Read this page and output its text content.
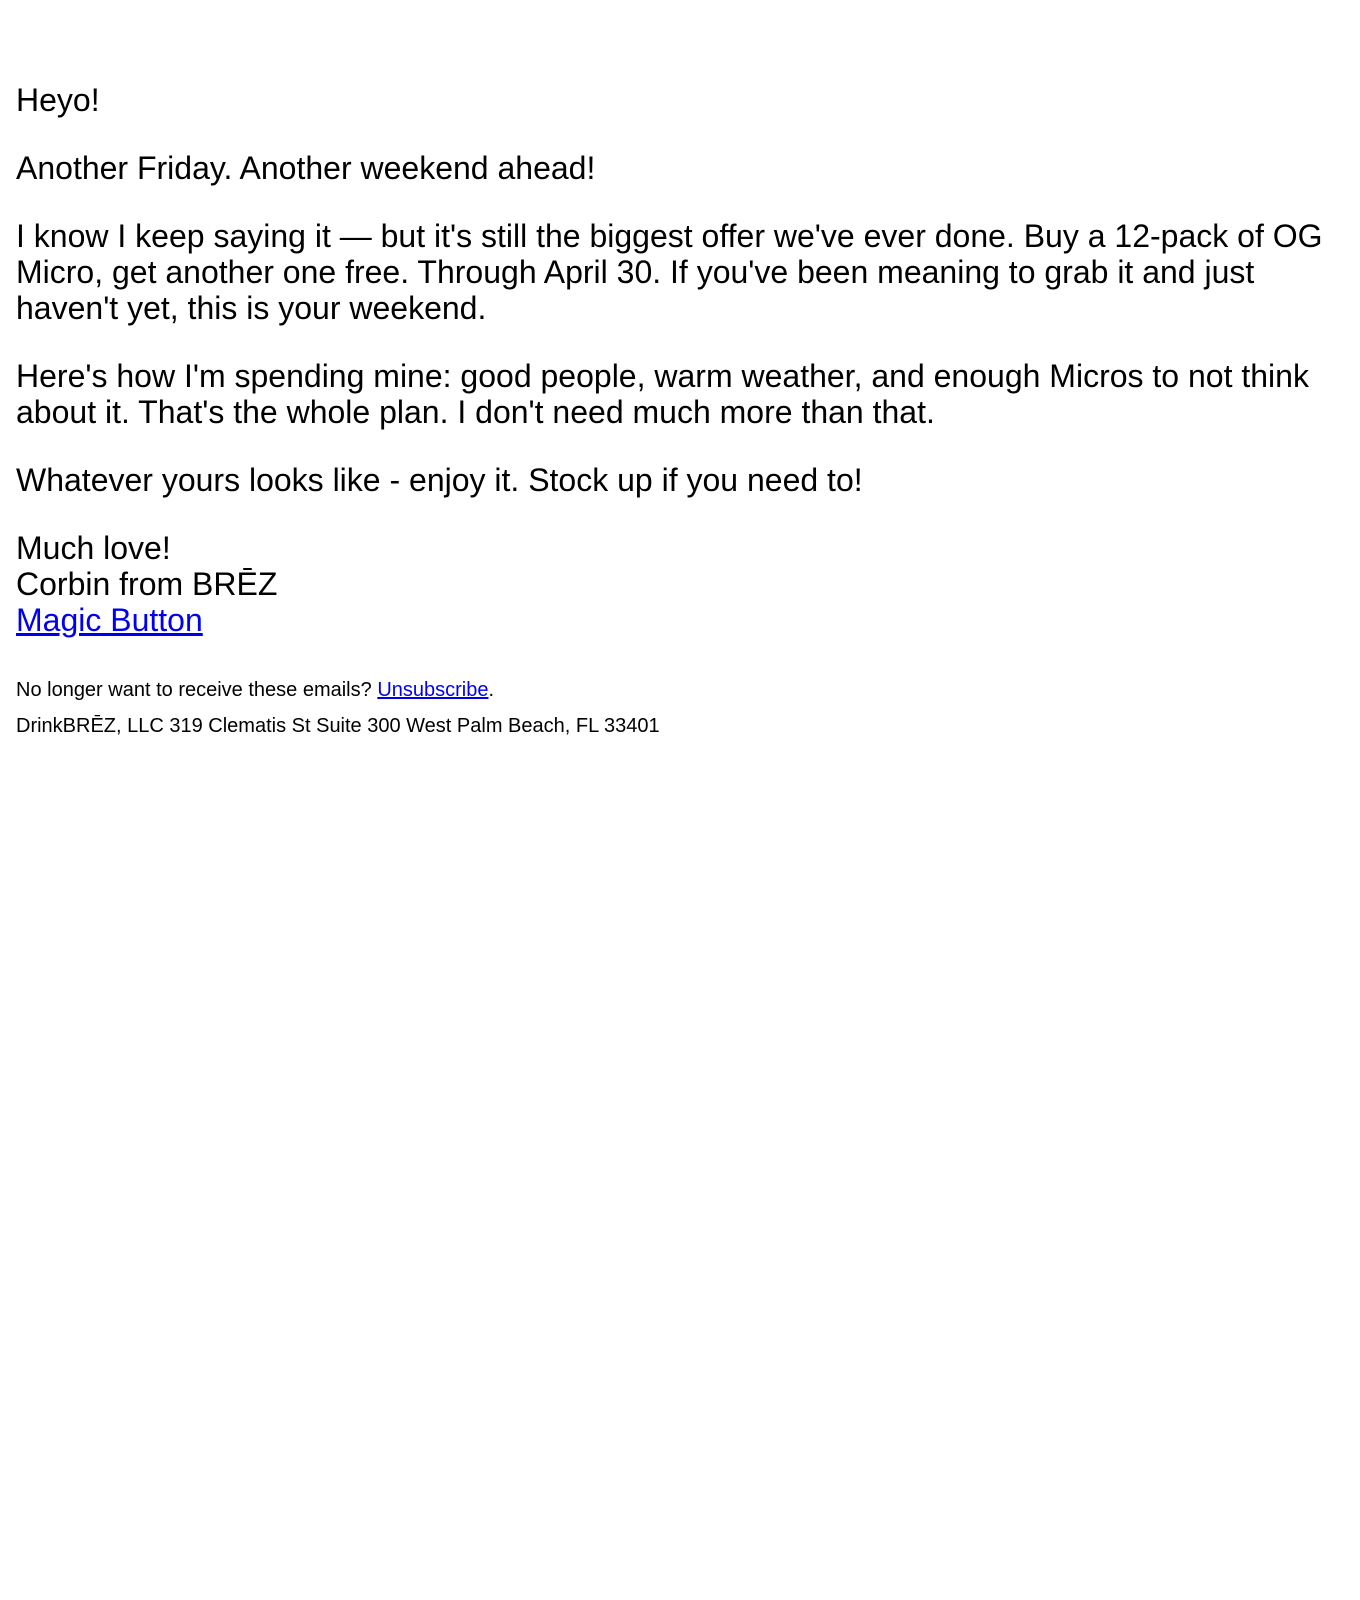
Heyo!

Another Friday. Another weekend ahead!

I know I keep saying it — but it's still the biggest offer we've ever done. Buy a 12-pack of OG Micro, get another one free. Through April 30. If you've been meaning to grab it and just haven't yet, this is your weekend.

Here's how I'm spending mine: good people, warm weather, and enough Micros to not think about it. That's the whole plan. I don't need much more than that.

Whatever yours looks like - enjoy it. Stock up if you need to!

Much love!

Corbin from BRĒZ

Magic Button

No longer want to receive these emails? Unsubscribe.

DrinkBRĒZ, LLC 319 Clematis St Suite 300 West Palm Beach, FL 33401
